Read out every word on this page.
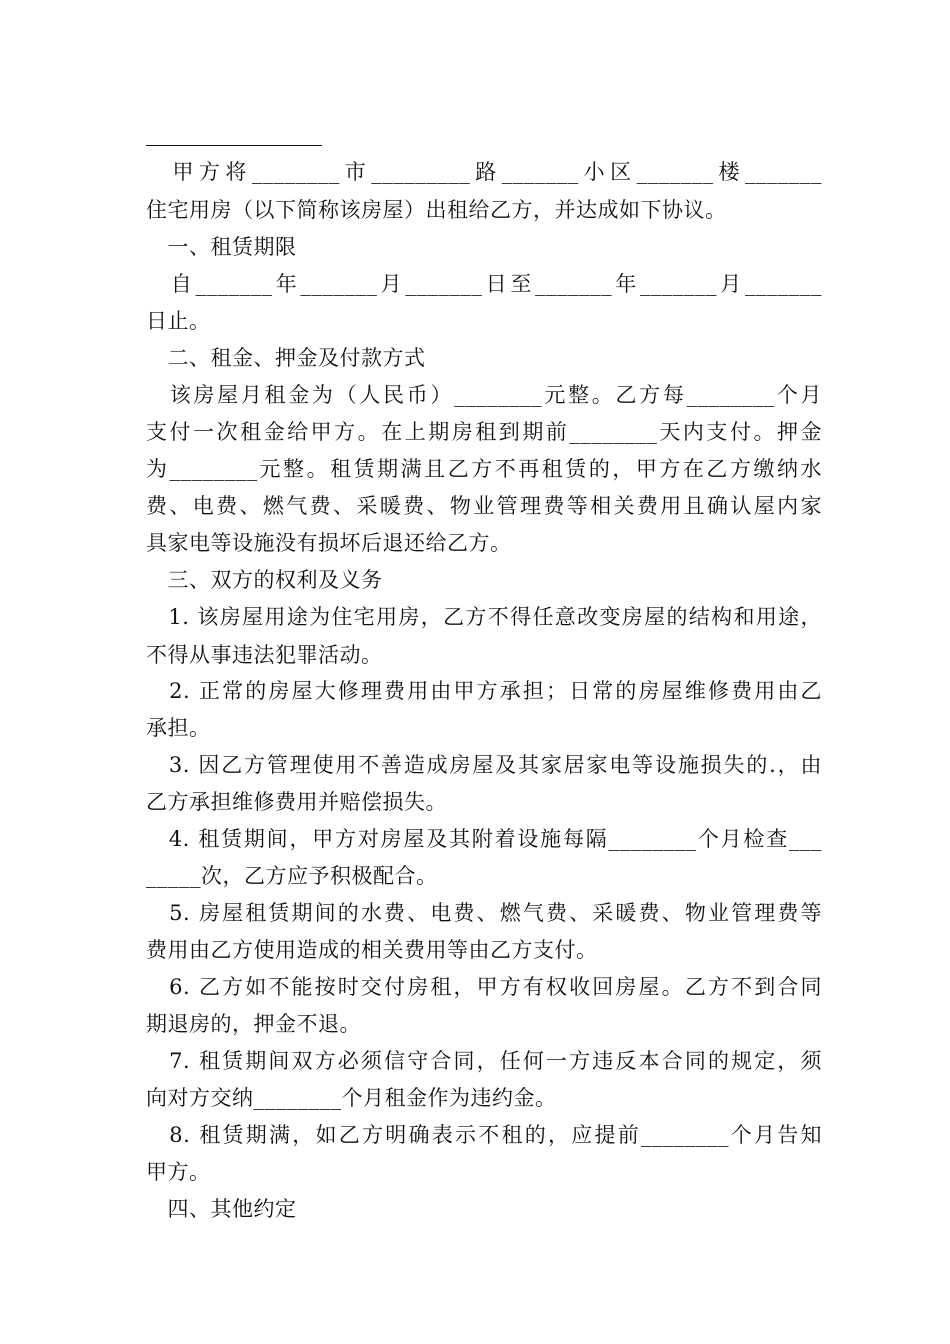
　甲方将________市_________路_______小区_______楼_______
住宅用房（以下简称该房屋）出租给乙方，并达成如下协议。
　一、租赁期限
　自_______年_______月_______日至_______年_______月_______
日止。
　二、租金、押金及付款方式
　该房屋月租金为（人民币）________元整。乙方每________个月
支付一次租金给甲方。在上期房租到期前________天内支付。押金
为________元整。租赁期满且乙方不再租赁的，甲方在乙方缴纳水
费、电费、燃气费、采暖费、物业管理费等相关费用且确认屋内家
具家电等设施没有损坏后退还给乙方。
　三、双方的权利及义务
　1. 该房屋用途为住宅用房，乙方不得任意改变房屋的结构和用途，
不得从事违法犯罪活动。
　2. 正常的房屋大修理费用由甲方承担；日常的房屋维修费用由乙
承担。
　3. 因乙方管理使用不善造成房屋及其家居家电等设施损失的.，由
乙方承担维修费用并赔偿损失。
　4. 租赁期间，甲方对房屋及其附着设施每隔________个月检查___
_____次，乙方应予积极配合。
　5. 房屋租赁期间的水费、电费、燃气费、采暖费、物业管理费等
费用由乙方使用造成的相关费用等由乙方支付。
　6. 乙方如不能按时交付房租，甲方有权收回房屋。乙方不到合同
期退房的，押金不退。
　7. 租赁期间双方必须信守合同，任何一方违反本合同的规定，须
向对方交纳________个月租金作为违约金。
　8. 租赁期满，如乙方明确表示不租的，应提前________个月告知
甲方。
　四、其他约定
